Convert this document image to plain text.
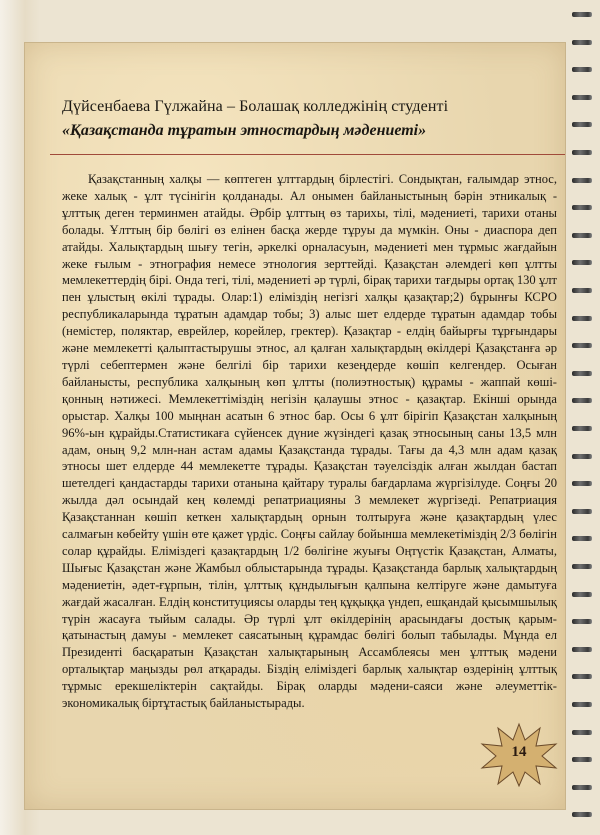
Дүйсенбаева Гүлжайна – Болашақ колледжінің студенті
«Қазақстанда тұратын этностардың мәдениеті»

Қазақстанның халқы — көптеген ұлттардың бірлестігі. Сондықтан, ғалымдар этнос, жеке халық - ұлт түсінігін қолданады. Ал онымен байланыстының бәрін этникалық - ұлттық деген терминмен атайды. Әрбір ұлттың өз тарихы, тілі, мәдениеті, тарихи отаны болады. Ұлттың бір бөлігі өз елінен басқа жерде тұруы да мүмкін. Оны - диаспора деп атайды. Халықтардың шығу тегін, әркелкі орналасуын, мәдениеті мен тұрмыс жағдайын жеке ғылым - этнография немесе этнология зерттейді. Қазақстан әлемдегі көп ұлтты мемлекеттердің бірі. Онда тегі, тілі, мәдениеті әр түрлі, бірақ тарихи тағдыры ортақ 130 ұлт пен ұлыстың өкілі тұрады. Олар:1) еліміздің негізгі халқы қазақтар;2) бұрынғы КСРО республикаларында тұратын адамдар тобы; 3) алыс шет елдерде тұратын адамдар тобы (немістер, поляктар, еврейлер, корейлер, гректер). Қазақтар - елдің байырғы тұрғындары және мемлекетті қалыптастырушы этнос, ал қалған халықтардың өкілдері Қазақстанға әр түрлі себептермен және белгілі бір тарихи кезеңдерде көшіп келгендер. Осыған байланысты, республика халқының көп ұлтты (полиэтностық) құрамы - жаппай көші-қонның нәтижесі. Мемлекеттіміздің негізін қалаушы этнос - қазақтар. Екінші орында орыстар. Халқы 100 мыңнан асатын 6 этнос бар. Осы 6 ұлт бірігіп Қазақстан халқының 96%-ын құрайды.Статистикаға сүйенсек дүние жүзіндегі қазақ этносының саны 13,5 млн адам, оның 9,2 млн-нан астам адамы Қазақстанда тұрады. Тағы да 4,3 млн адам қазақ этносы шет елдерде 44 мемлекетте тұрады. Қазақстан тәуелсіздік алған жылдан бастап шетелдегі қандастарды тарихи отанына қайтару туралы бағдарлама жүргізілуде. Соңғы 20 жылда дәл осындай кең көлемді репатриацияны 3 мемлекет жүргізеді. Репатриация Қазақстаннан көшіп кеткен халықтардың орнын толтыруға және қазақтардың үлес салмағын көбейту үшін өте қажет үрдіс. Соңғы сайлау бойынша мемлекетіміздің 2/3 бөлігін солар құрайды. Еліміздегі қазақтардың 1/2 бөлігіне жуығы Оңтүстік Қазақстан, Алматы, Шығыс Қазақстан және Жамбыл облыстарында тұрады. Қазақстанда барлық халықтардың мәдениетін, әдет-ғұрпын, тілін, ұлттық құндылығын қалпына келтіруге және дамытуға жағдай жасалған. Елдің конституциясы оларды тең құқыққа үндеп, ешқандай қысымшылық түрін жасауға тыйым салады. Әр түрлі ұлт өкілдерінің арасындағы достық қарым-қатынастың дамуы - мемлекет саясатының құрамдас бөлігі болып табылады. Мұнда ел Президенті басқаратын Қазақстан халықтарының Ассамблеясы мен ұлттық мәдени орталықтар маңызды рөл атқарады. Біздің еліміздегі барлық халықтар өздерінің ұлттық тұрмыс ерекшеліктерін сақтайды. Бірақ оларды мәдени-саяси және әлеуметтік-экономикалық біртұтастық байланыстырады.

14
